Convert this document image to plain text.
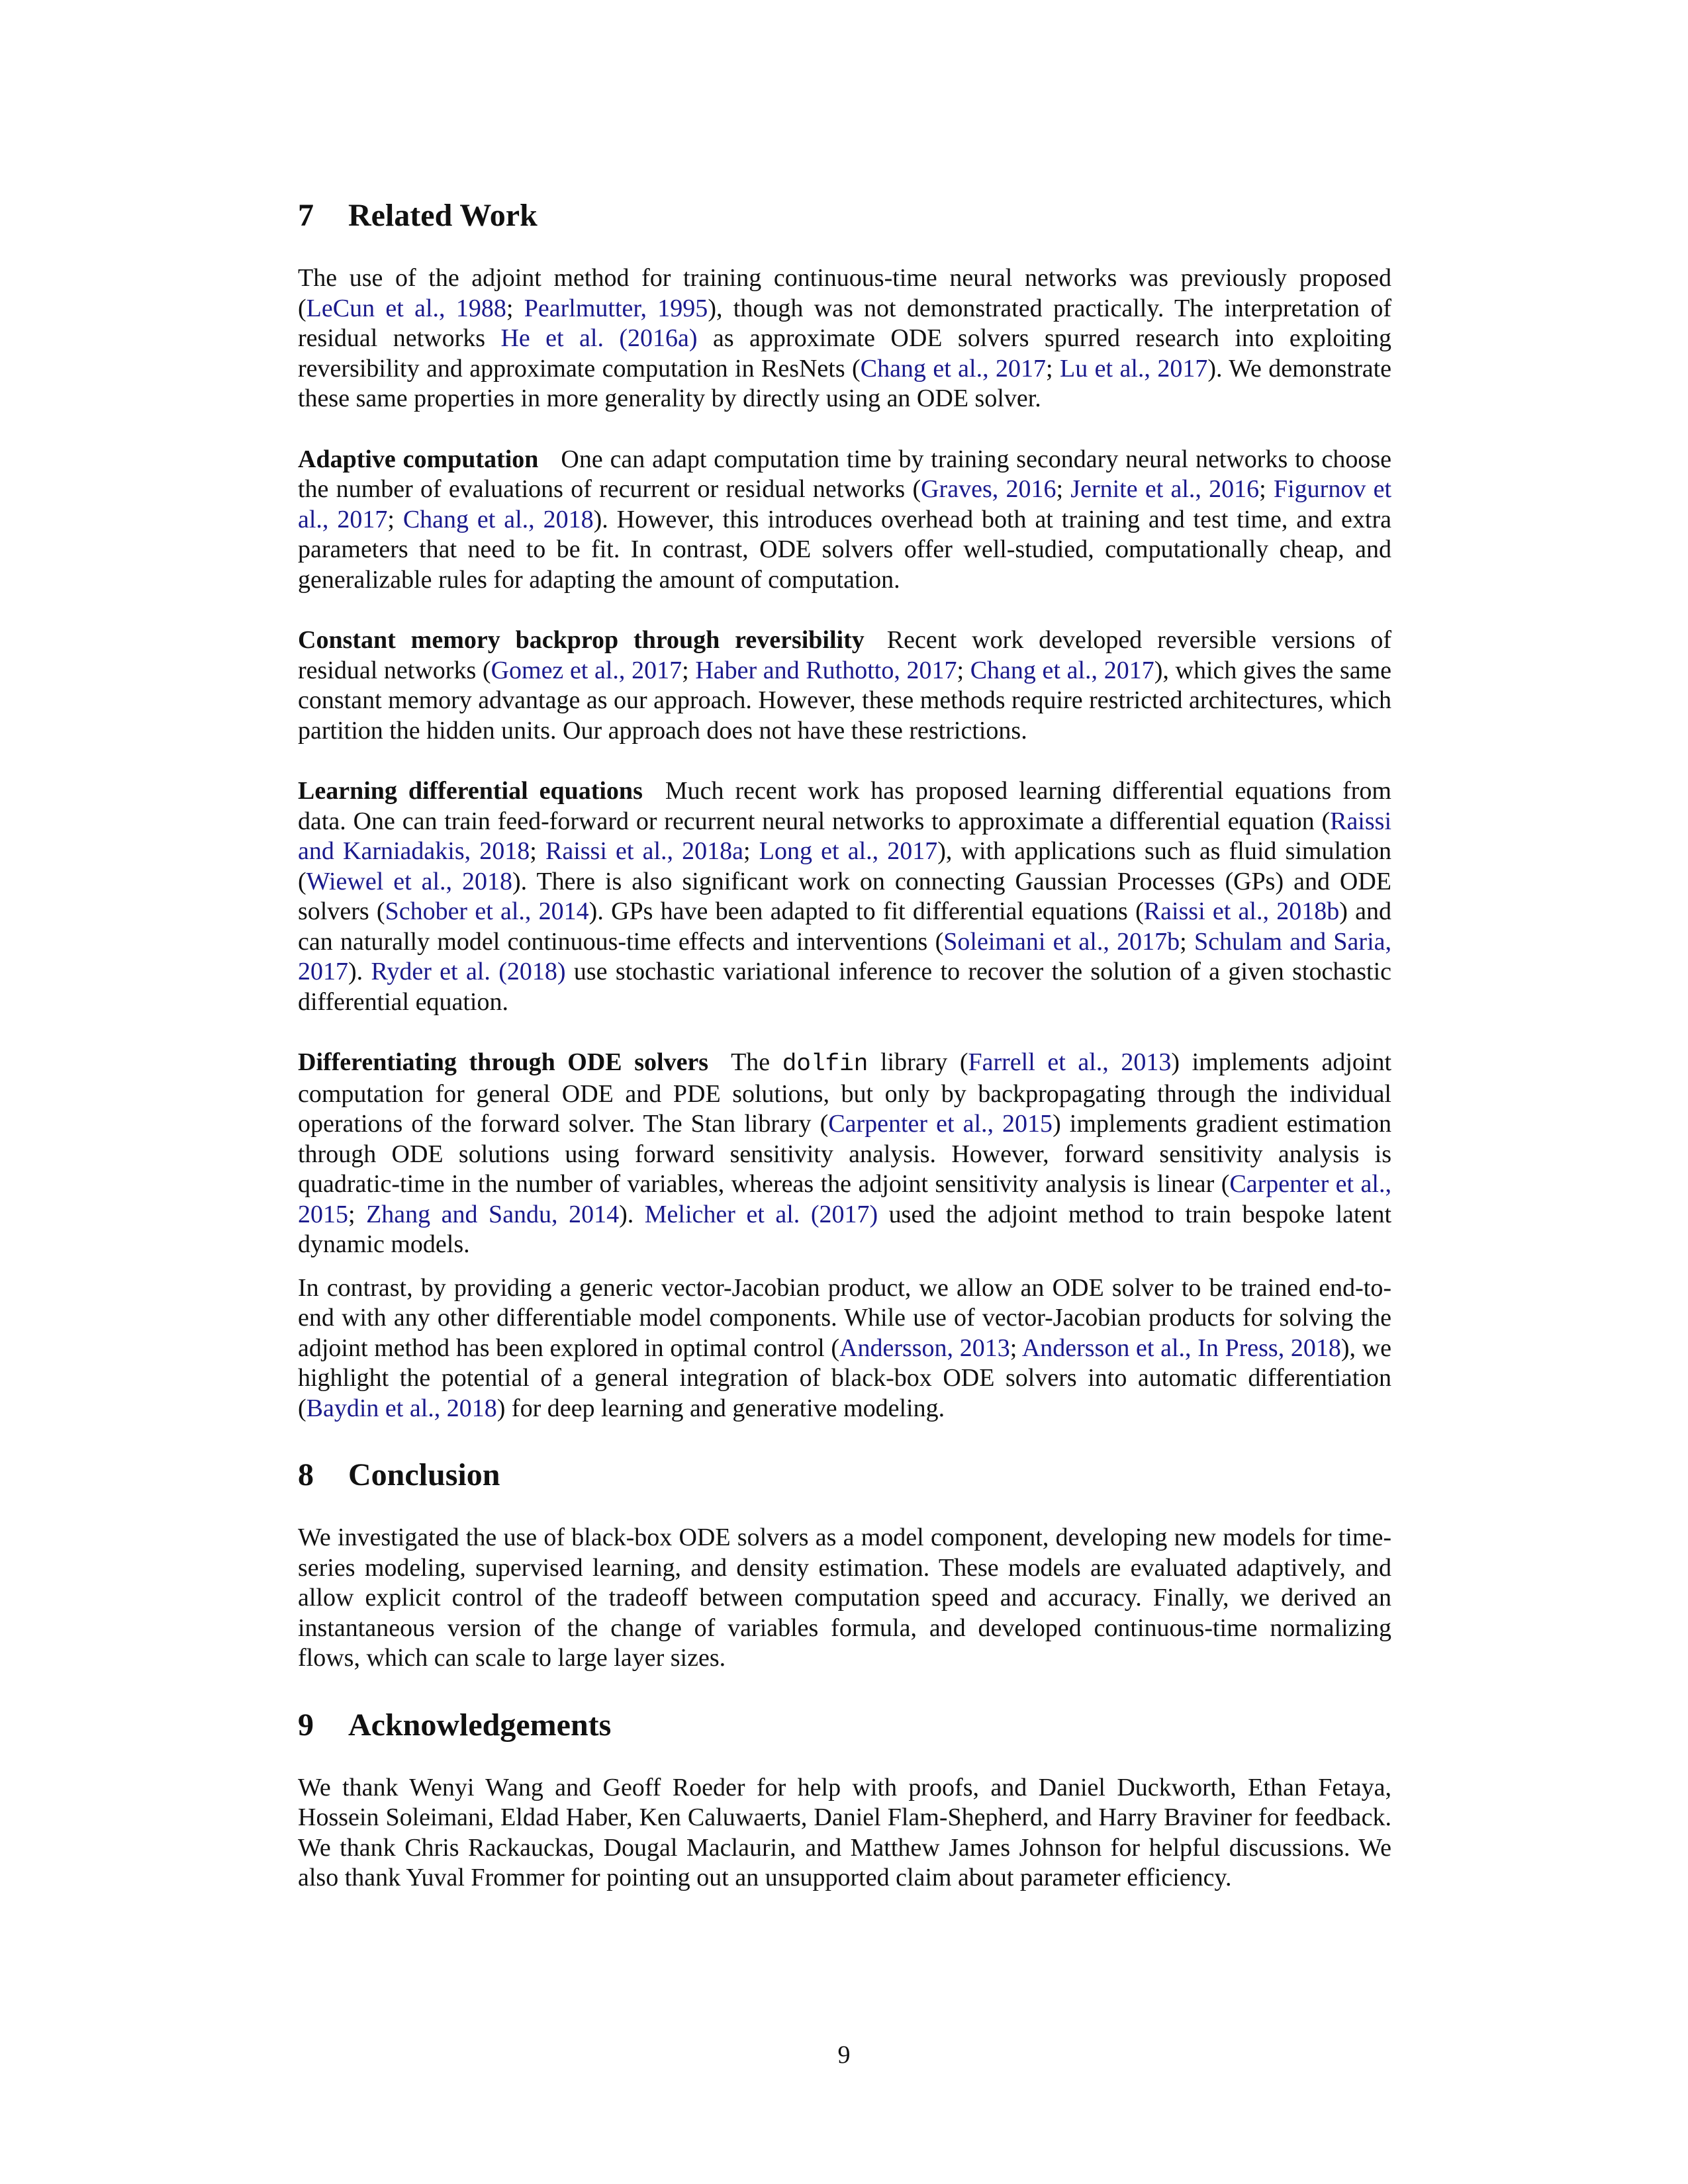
7 Related Work

The use of the adjoint method for training continuous-time neural networks was previously proposed (LeCun et al., 1988; Pearlmutter, 1995), though was not demonstrated practically. The interpretation of residual networks He et al. (2016a) as approximate ODE solvers spurred research into exploiting reversibility and approximate computation in ResNets (Chang et al., 2017; Lu et al., 2017). We demonstrate these same properties in more generality by directly using an ODE solver.

Adaptive computation One can adapt computation time by training secondary neural networks to choose the number of evaluations of recurrent or residual networks (Graves, 2016; Jernite et al., 2016; Figurnov et al., 2017; Chang et al., 2018). However, this introduces overhead both at training and test time, and extra parameters that need to be fit. In contrast, ODE solvers offer well-studied, computationally cheap, and generalizable rules for adapting the amount of computation.

Constant memory backprop through reversibility Recent work developed reversible versions of residual networks (Gomez et al., 2017; Haber and Ruthotto, 2017; Chang et al., 2017), which gives the same constant memory advantage as our approach. However, these methods require restricted architectures, which partition the hidden units. Our approach does not have these restrictions.

Learning differential equations Much recent work has proposed learning differential equations from data. One can train feed-forward or recurrent neural networks to approximate a differential equation (Raissi and Karniadakis, 2018; Raissi et al., 2018a; Long et al., 2017), with applications such as fluid simulation (Wiewel et al., 2018). There is also significant work on connecting Gaussian Processes (GPs) and ODE solvers (Schober et al., 2014). GPs have been adapted to fit differential equations (Raissi et al., 2018b) and can naturally model continuous-time effects and interventions (Soleimani et al., 2017b; Schulam and Saria, 2017). Ryder et al. (2018) use stochastic variational inference to recover the solution of a given stochastic differential equation.

Differentiating through ODE solvers The dolfin library (Farrell et al., 2013) implements adjoint computation for general ODE and PDE solutions, but only by backpropagating through the individual operations of the forward solver. The Stan library (Carpenter et al., 2015) implements gradient estimation through ODE solutions using forward sensitivity analysis. However, forward sensitivity analysis is quadratic-time in the number of variables, whereas the adjoint sensitivity analysis is linear (Carpenter et al., 2015; Zhang and Sandu, 2014). Melicher et al. (2017) used the adjoint method to train bespoke latent dynamic models.

In contrast, by providing a generic vector-Jacobian product, we allow an ODE solver to be trained end-to-end with any other differentiable model components. While use of vector-Jacobian products for solving the adjoint method has been explored in optimal control (Andersson, 2013; Andersson et al., In Press, 2018), we highlight the potential of a general integration of black-box ODE solvers into automatic differentiation (Baydin et al., 2018) for deep learning and generative modeling.

8 Conclusion

We investigated the use of black-box ODE solvers as a model component, developing new models for time-series modeling, supervised learning, and density estimation. These models are evaluated adaptively, and allow explicit control of the tradeoff between computation speed and accuracy. Finally, we derived an instantaneous version of the change of variables formula, and developed continuous-time normalizing flows, which can scale to large layer sizes.

9 Acknowledgements

We thank Wenyi Wang and Geoff Roeder for help with proofs, and Daniel Duckworth, Ethan Fetaya, Hossein Soleimani, Eldad Haber, Ken Caluwaerts, Daniel Flam-Shepherd, and Harry Braviner for feedback. We thank Chris Rackauckas, Dougal Maclaurin, and Matthew James Johnson for helpful discussions. We also thank Yuval Frommer for pointing out an unsupported claim about parameter efficiency.

9
